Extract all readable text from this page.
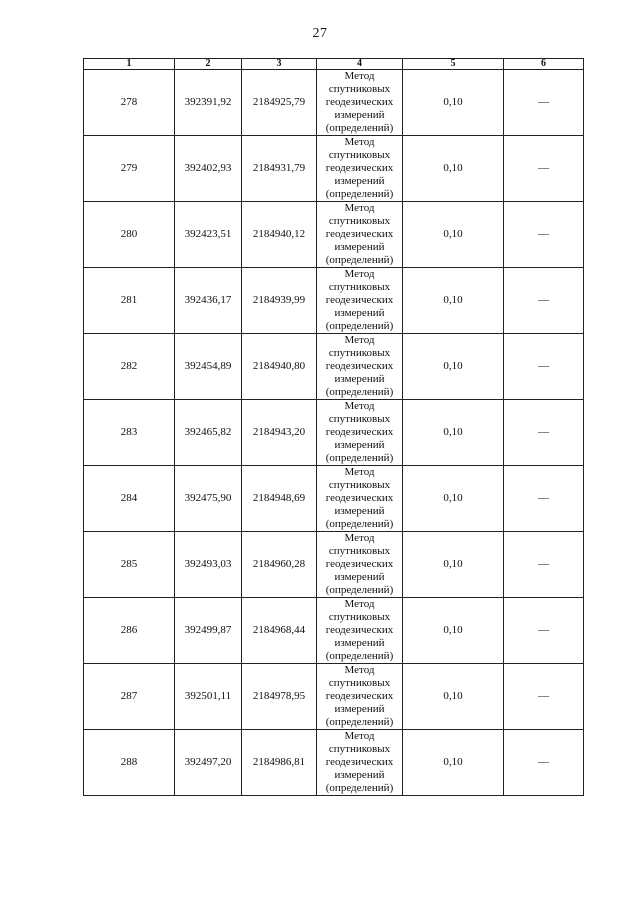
27
1	2	3	4	5	6
278	392391,92	2184925,79	Метод
спутниковых
геодезических
измерений
(определений)	0,10	—
279	392402,93	2184931,79	Метод
спутниковых
геодезических
измерений
(определений)	0,10	—
280	392423,51	2184940,12	Метод
спутниковых
геодезических
измерений
(определений)	0,10	—
281	392436,17	2184939,99	Метод
спутниковых
геодезических
измерений
(определений)	0,10	—
282	392454,89	2184940,80	Метод
спутниковых
геодезических
измерений
(определений)	0,10	—
283	392465,82	2184943,20	Метод
спутниковых
геодезических
измерений
(определений)	0,10	—
284	392475,90	2184948,69	Метод
спутниковых
геодезических
измерений
(определений)	0,10	—
285	392493,03	2184960,28	Метод
спутниковых
геодезических
измерений
(определений)	0,10	—
286	392499,87	2184968,44	Метод
спутниковых
геодезических
измерений
(определений)	0,10	—
287	392501,11	2184978,95	Метод
спутниковых
геодезических
измерений
(определений)	0,10	—
288	392497,20	2184986,81	Метод
спутниковых
геодезических
измерений
(определений)	0,10	—
